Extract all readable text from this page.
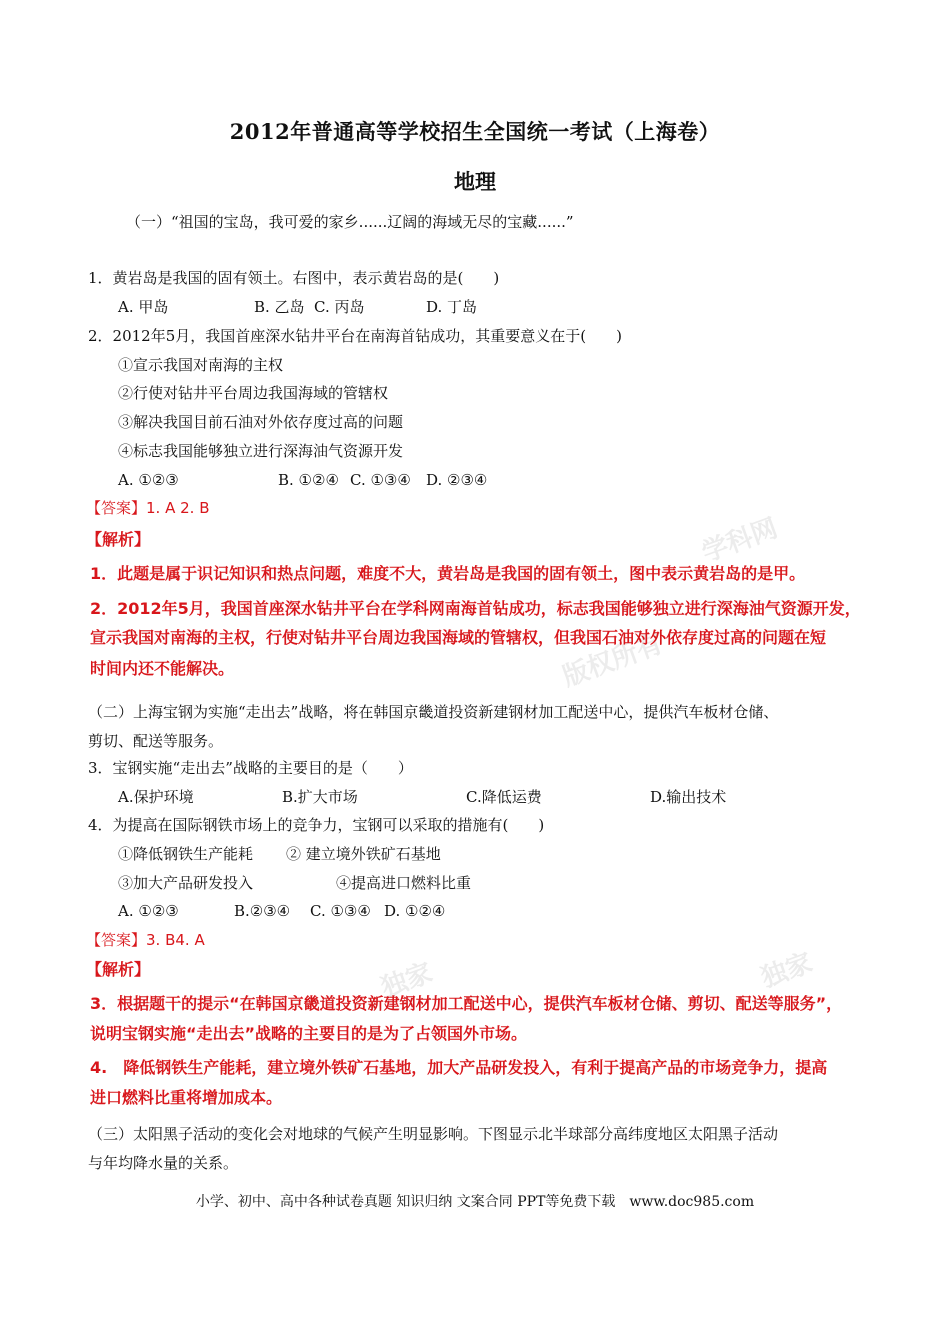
学科网
版权所有
独家	独家
2012年普通高等学校招生全国统一考试（上海卷）
地理
（一）“祖国的宝岛，我可爱的家乡......辽阔的海域无尽的宝藏......”
1．黄岩岛是我国的固有领土。右图中，表示黄岩岛的是(　　)
A. 甲岛	B. 乙岛 C. 丙岛	D. 丁岛
2．2012年5月，我国首座深水钻井平台在南海首钻成功，其重要意义在于(　　)
①宣示我国对南海的主权
②行使对钻井平台周边我国海域的管辖权
③解决我国目前石油对外依存度过高的问题
④标志我国能够独立进行深海油气资源开发
A. ①②③	B. ①②④ C. ①③④ D. ②③④
【答案】1. A 2. B
【解析】
1．此题是属于识记知识和热点问题，难度不大，黄岩岛是我国的固有领土，图中表示黄岩岛的是甲。
2．2012年5月，我国首座深水钻井平台在学科网南海首钻成功，标志我国能够独立进行深海油气资源开发，
宣示我国对南海的主权，行使对钻井平台周边我国海域的管辖权，但我国石油对外依存度过高的问题在短
时间内还不能解决。
（二）上海宝钢为实施“走出去”战略，将在韩国京畿道投资新建钢材加工配送中心，提供汽车板材仓储、
剪切、配送等服务。
3．宝钢实施“走出去”战略的主要目的是（　　）
A.保护环境	B.扩大市场	C.降低运费	D.输出技术
4．为提高在国际钢铁市场上的竞争力，宝钢可以采取的措施有(　　)
①降低钢铁生产能耗 ② 建立境外铁矿石基地
③加大产品研发投入	④提高进口燃料比重
A. ①②③	B.②③④ C. ①③④ D. ①②④
【答案】3. B4. A
【解析】
3．根据题干的提示“在韩国京畿道投资新建钢材加工配送中心，提供汽车板材仓储、剪切、配送等服务”，
说明宝钢实施“走出去”战略的主要目的是为了占领国外市场。
4.　降低钢铁生产能耗，建立境外铁矿石基地，加大产品研发投入，有利于提高产品的市场竞争力，提高
进口燃料比重将增加成本。
（三）太阳黑子活动的变化会对地球的气候产生明显影响。下图显示北半球部分高纬度地区太阳黑子活动
与年均降水量的关系。
小学、初中、高中各种试卷真题 知识归纳 文案合同 PPT等免费下载　www.doc985.com
